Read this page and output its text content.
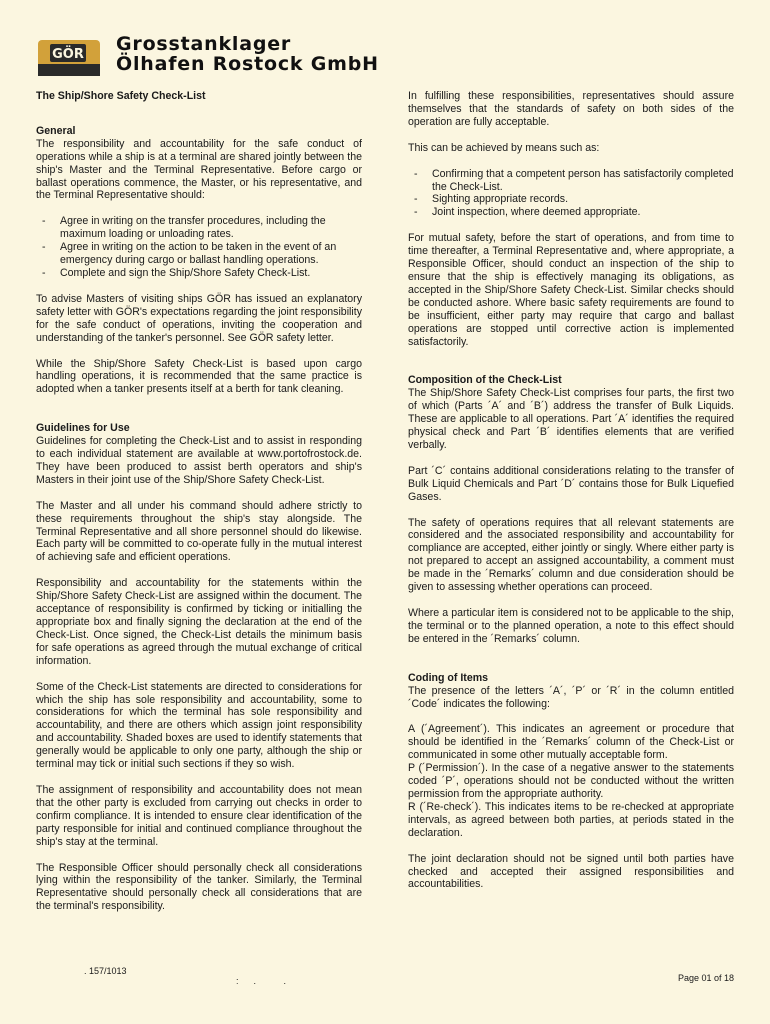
GÖR Grosstanklager
Ölhafen Rostock GmbH
The Ship/Shore Safety Check-List
General

The responsibility and accountability for the safe conduct of operations while a ship is at a terminal are shared jointly between the ship's Master and the Terminal Representative. Before cargo or ballast operations commence, the Master, or his representative, and the Terminal Representative should:

- Agree in writing on the transfer procedures, including the maximum loading or unloading rates.
- Agree in writing on the action to be taken in the event of an emergency during cargo or ballast handling operations.
- Complete and sign the Ship/Shore Safety Check-List.

To advise Masters of visiting ships GÖR has issued an explanatory safety letter with GÖR's expectations regarding the joint responsibility for the safe conduct of operations, inviting the cooperation and understanding of the tanker's personnel. See GÖR safety letter.

While the Ship/Shore Safety Check-List is based upon cargo handling operations, it is recommended that the same practice is adopted when a tanker presents itself at a berth for tank cleaning.

Guidelines for Use

Guidelines for completing the Check-List and to assist in responding to each individual statement are available at www.portofrostock.de. They have been produced to assist berth operators and ship's Masters in their joint use of the Ship/Shore Safety Check-List.

The Master and all under his command should adhere strictly to these requirements throughout the ship's stay alongside. The Terminal Representative and all shore personnel should do likewise. Each party will be committed to co-operate fully in the mutual interest of achieving safe and efficient operations.

Responsibility and accountability for the statements within the Ship/Shore Safety Check-List are assigned within the document. The acceptance of responsibility is confirmed by ticking or initialling the appropriate box and finally signing the declaration at the end of the Check-List. Once signed, the Check-List details the minimum basis for safe operations as agreed through the mutual exchange of critical information.

Some of the Check-List statements are directed to considerations for which the ship has sole responsibility and accountability, some to considerations for which the terminal has sole responsibility and accountability, and there are others which assign joint responsibility and accountability. Shaded boxes are used to identify statements that generally would be applicable to only one party, although the ship or terminal may tick or initial such sections if they so wish.

The assignment of responsibility and accountability does not mean that the other party is excluded from carrying out checks in order to confirm compliance. It is intended to ensure clear identification of the party responsible for initial and continued compliance throughout the ship's stay at the terminal.

The Responsible Officer should personally check all considerations lying within the responsibility of the tanker. Similarly, the Terminal Representative should personally check all considerations that are the terminal's responsibility.

In fulfilling these responsibilities, representatives should assure themselves that the standards of safety on both sides of the operation are fully acceptable.

This can be achieved by means such as:

- Confirming that a competent person has satisfactorily completed the Check-List.
- Sighting appropriate records.
- Joint inspection, where deemed appropriate.

For mutual safety, before the start of operations, and from time to time thereafter, a Terminal Representative and, where appropriate, a Responsible Officer, should conduct an inspection of the ship to ensure that the ship is effectively managing its obligations, as accepted in the Ship/Shore Safety Check-List. Similar checks should be conducted ashore. Where basic safety requirements are found to be insufficient, either party may require that cargo and ballast operations are stopped until corrective action is implemented satisfactorily.

Composition of the Check-List

The Ship/Shore Safety Check-List comprises four parts, the first two of which (Parts ´A´ and ´B´) address the transfer of Bulk Liquids. These are applicable to all operations. Part ´A´ identifies the required physical check and Part ´B´ identifies elements that are verified verbally.

Part ´C´ contains additional considerations relating to the transfer of Bulk Liquid Chemicals and Part ´D´ contains those for Bulk Liquefied Gases.

The safety of operations requires that all relevant statements are considered and the associated responsibility and accountability for compliance are accepted, either jointly or singly. Where either party is not prepared to accept an assigned accountability, a comment must be made in the ´Remarks´ column and due consideration should be given to assessing whether operations can proceed.

Where a particular item is considered not to be applicable to the ship, the terminal or to the planned operation, a note to this effect should be entered in the ´Remarks´ column.

Coding of Items

The presence of the letters ´A´, ´P´ or ´R´ in the column entitled ´Code´ indicates the following:

A (´Agreement´). This indicates an agreement or procedure that should be identified in the ´Remarks´ column of the Check-List or communicated in some other mutually acceptable form.

P (´Permission´). In the case of a negative answer to the statements coded ´P´, operations should not be conducted without the written permission from the appropriate authority.

R (´Re-check´). This indicates items to be re-checked at appropriate intervals, as agreed between both parties, at periods stated in the declaration.

The joint declaration should not be signed until both parties have checked and accepted their assigned responsibilities and accountabilities.

. 157/1013
:      .           .	Page 01 of 18
